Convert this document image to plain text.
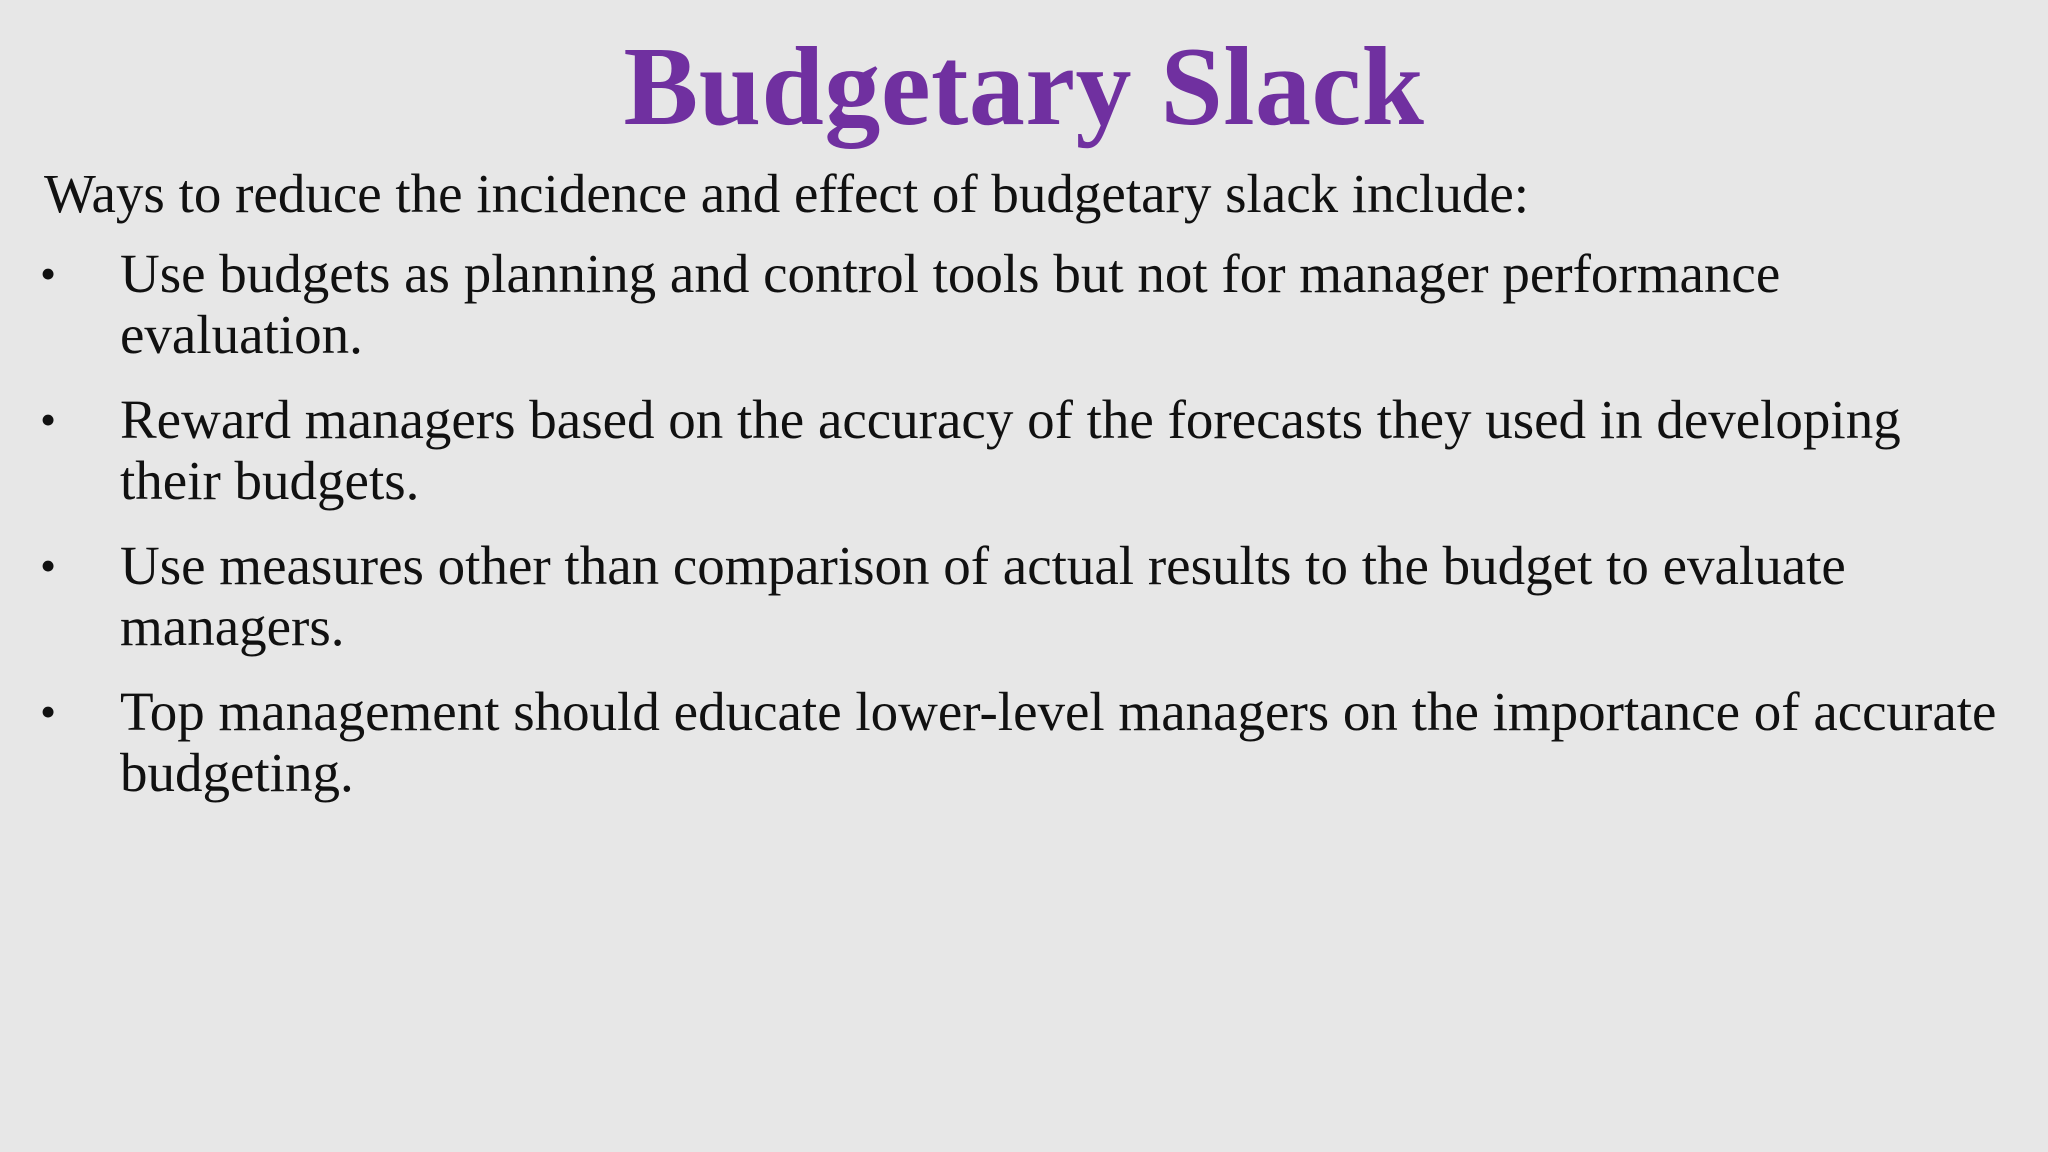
Budgetary Slack
Ways to reduce the incidence and effect of budgetary slack include:
• Use budgets as planning and control tools but not for manager performance evaluation.
• Reward managers based on the accuracy of the forecasts they used in developing their budgets.
• Use measures other than comparison of actual results to the budget to evaluate managers.
• Top management should educate lower-level managers on the importance of accurate budgeting.
